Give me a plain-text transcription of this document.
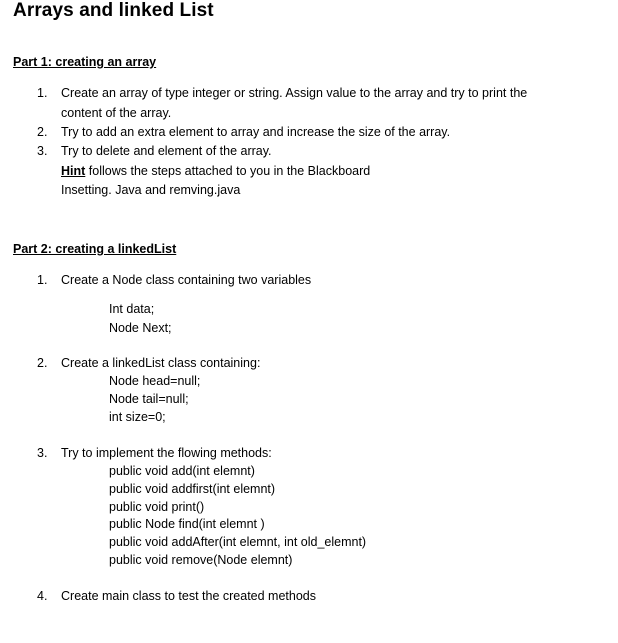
Arrays and linked List
Part 1: creating an array
1. Create an array of type integer or string. Assign value to the array and try to print the
content of the array.
2. Try to add an extra element to array and increase the size of the array.
3. Try to delete and element of the array.
Hint follows the steps attached to you in the Blackboard
Insetting. Java and remving.java
Part 2: creating a linkedList
1. Create a Node class containing two variables
Int data;
Node Next;
2. Create a linkedList class containing:
Node head=null;
Node tail=null;
int size=0;
3. Try to implement the flowing methods:
public void add(int elemnt)
public void addfirst(int elemnt)
public void print()
public Node find(int elemnt )
public void addAfter(int elemnt, int old_elemnt)
public void remove(Node elemnt)
4. Create main class to test the created methods
